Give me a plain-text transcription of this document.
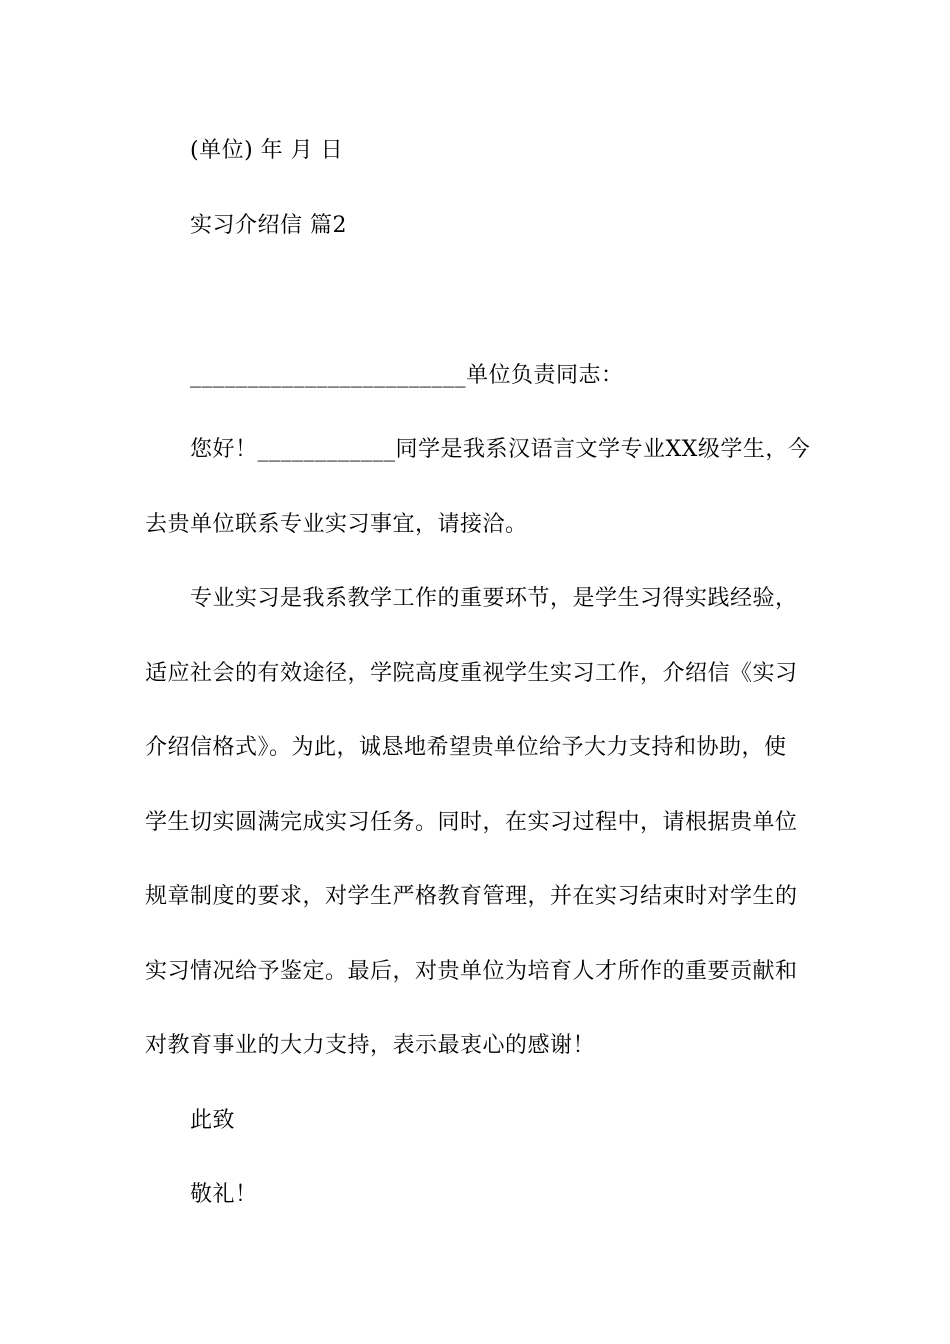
(单位) 年 月 日
实习介绍信 篇2
________________________单位负责同志：
您好！____________同学是我系汉语言文学专业XX级学生，今
去贵单位联系专业实习事宜，请接洽。
专业实习是我系教学工作的重要环节，是学生习得实践经验，
适应社会的有效途径，学院高度重视学生实习工作，介绍信《实习
介绍信格式》。为此，诚恳地希望贵单位给予大力支持和协助，使
学生切实圆满完成实习任务。同时，在实习过程中，请根据贵单位
规章制度的要求，对学生严格教育管理，并在实习结束时对学生的
实习情况给予鉴定。最后，对贵单位为培育人才所作的重要贡献和
对教育事业的大力支持，表示最衷心的感谢！
此致
敬礼！
